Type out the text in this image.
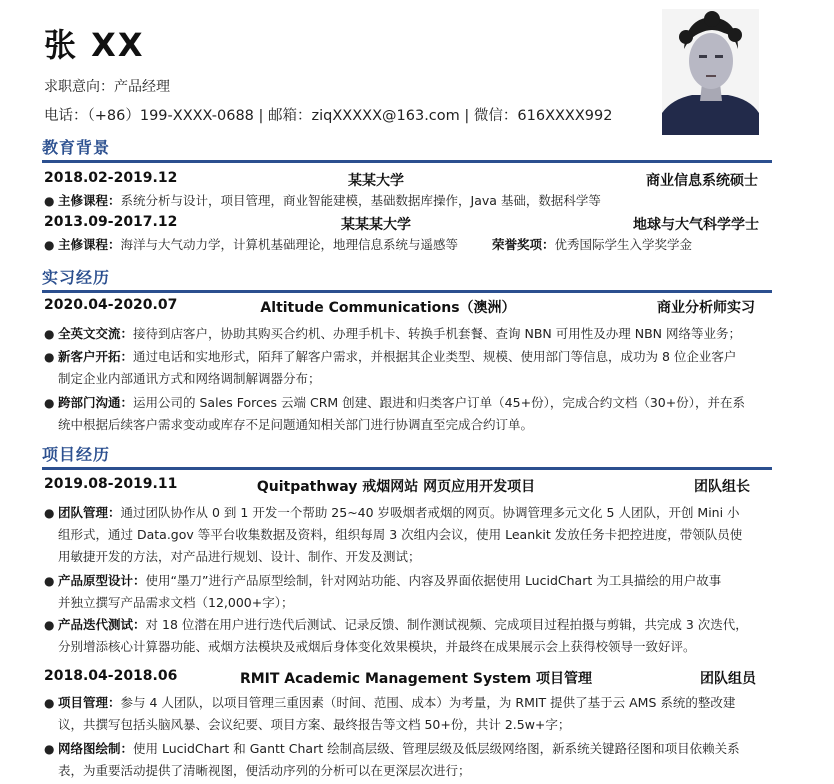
张 XX
求职意向：产品经理
电话：（+86）199-XXXX-0688 | 邮箱：ziqXXXXX@163.com | 微信：616XXXX992
教育背景
2018.02-2019.12	某某大学	商业信息系统硕士
● 主修课程：系统分析与设计，项目管理，商业智能建模，基础数据库操作，Java 基础，数据科学等
2013.09-2017.12	某某某大学	地球与大气科学学士
● 主修课程：海洋与大气动力学，计算机基础理论，地理信息系统与遥感等	荣誉奖项：优秀国际学生入学奖学金
实习经历
2020.04-2020.07	Altitude Communications（澳洲）	商业分析师实习
● 全英文交流：接待到店客户，协助其购买合约机、办理手机卡、转换手机套餐、查询 NBN 可用性及办理 NBN 网络等业务；
● 新客户开拓：通过电话和实地形式，陌拜了解客户需求，并根据其企业类型、规模、使用部门等信息，成功为 8 位企业客户
制定企业内部通讯方式和网络调制解调器分布；
● 跨部门沟通：运用公司的 Sales Forces 云端 CRM 创建、跟进和归类客户订单（45+份），完成合约文档（30+份），并在系
统中根据后续客户需求变动或库存不足问题通知相关部门进行协调直至完成合约订单。
项目经历
2019.08-2019.11	Quitpathway 戒烟网站 网页应用开发项目	团队组长
● 团队管理：通过团队协作从 0 到 1 开发一个帮助 25~40 岁吸烟者戒烟的网页。协调管理多元文化 5 人团队，开创 Mini 小
组形式，通过 Data.gov 等平台收集数据及资料，组织每周 3 次组内会议，使用 Leankit 发放任务卡把控进度，带领队员使
用敏捷开发的方法，对产品进行规划、设计、制作、开发及测试；
● 产品原型设计：使用“墨刀”进行产品原型绘制，针对网站功能、内容及界面依据使用 LucidChart 为工具描绘的用户故事
并独立撰写产品需求文档（12,000+字）；
● 产品迭代测试：对 18 位潜在用户进行迭代后测试、记录反馈、制作测试视频、完成项目过程拍摄与剪辑，共完成 3 次迭代，
分别增添核心计算器功能、戒烟方法模块及戒烟后身体变化效果模块，并最终在成果展示会上获得校领导一致好评。
2018.04-2018.06	RMIT Academic Management System 项目管理	团队组员
● 项目管理：参与 4 人团队，以项目管理三重因素（时间、范围、成本）为考量，为 RMIT 提供了基于云 AMS 系统的整改建
议，共撰写包括头脑风暴、会议纪要、项目方案、最终报告等文档 50+份，共计 2.5w+字；
● 网络图绘制：使用 LucidChart 和 Gantt Chart 绘制高层级、管理层级及低层级网络图，新系统关键路径图和项目依赖关系
表，为重要活动提供了清晰视图，便活动序列的分析可以在更深层次进行；
